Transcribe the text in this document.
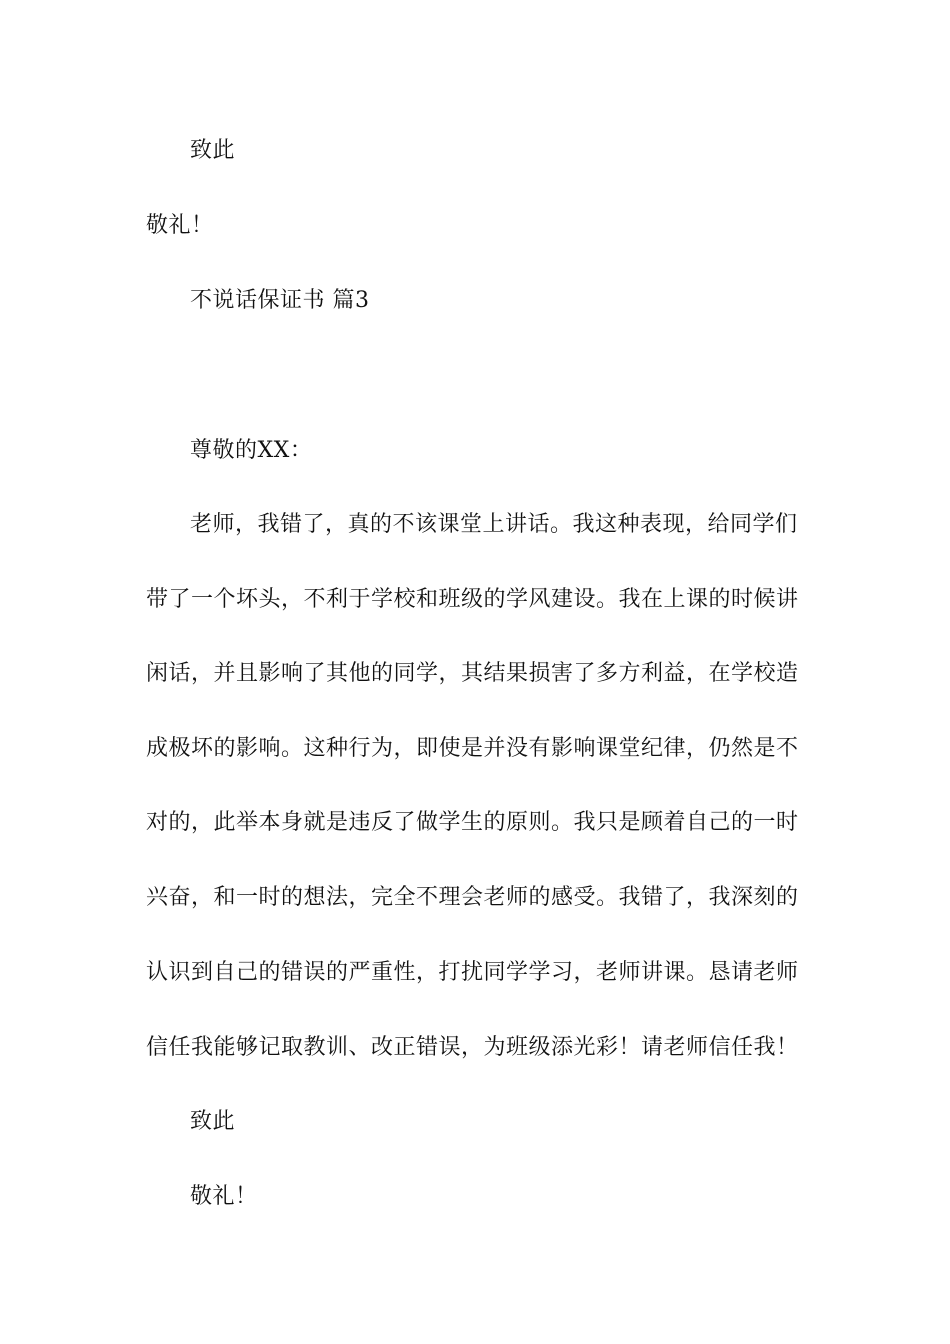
致此
敬礼！
不说话保证书 篇3
尊敬的XX：
老师，我错了，真的不该课堂上讲话。我这种表现，给同学们
带了一个坏头，不利于学校和班级的学风建设。我在上课的时候讲
闲话，并且影响了其他的同学，其结果损害了多方利益，在学校造
成极坏的影响。这种行为，即使是并没有影响课堂纪律，仍然是不
对的，此举本身就是违反了做学生的原则。我只是顾着自己的一时
兴奋，和一时的想法，完全不理会老师的感受。我错了，我深刻的
认识到自己的错误的严重性，打扰同学学习，老师讲课。恳请老师
信任我能够记取教训、改正错误，为班级添光彩！请老师信任我！
致此
敬礼！
